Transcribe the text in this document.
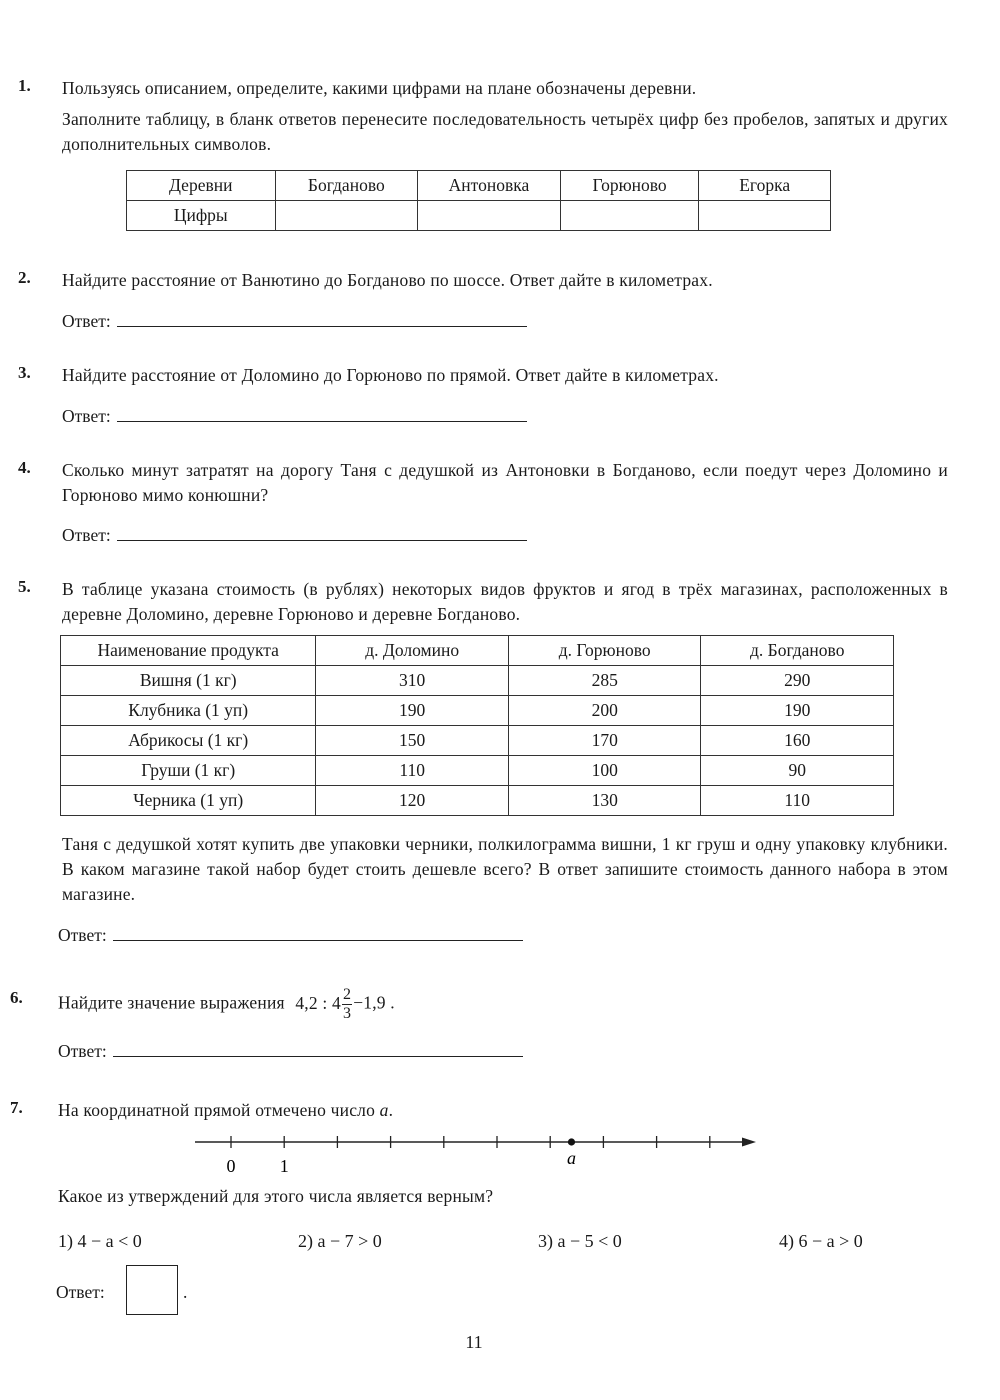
1.	Пользуясь описанием, определите, какими цифрами на плане обозначены деревни.

Заполните таблицу, в бланк ответов перенесите последовательность четырёх цифр без пробелов, запятых и других дополнительных символов.

Деревни	Богданово	Антоновка	Горюново	Егорка
Цифры				
2.	Найдите расстояние от Ванютино до Богданово по шоссе. Ответ дайте в километрах.
Ответ:
3.	Найдите расстояние от Доломино до Горюново по прямой. Ответ дайте в километрах.
Ответ:
4.	Сколько минут затратят на дорогу Таня с дедушкой из Антоновки в Богданово, если поедут через Доломино и Горюново мимо конюшни?
Ответ:
5.	В таблице указана стоимость (в рублях) некоторых видов фруктов и ягод в трёх магазинах, расположенных в деревне Доломино, деревне Горюново и деревне Богданово.
Наименование продукта	д. Доломино	д. Горюново	д. Богданово
Вишня (1 кг)	310	285	290
Клубника (1 уп)	190	200	190
Абрикосы (1 кг)	150	170	160
Груши (1 кг)	110	100	90
Черника (1 уп)	120	130	110
Таня с дедушкой хотят купить две упаковки черники, полкилограмма вишни, 1 кг груш и одну упаковку клубники. В каком магазине такой набор будет стоить дешевле всего? В ответ запишите стоимость данного набора в этом магазине.
Ответ:
6.	Найдите значение выражения 4,2 : $4 \frac{2}{3} -1,9$ .
Ответ:
7.	На координатной прямой отмечено число a.
0 1	a
Какое из утверждений для этого числа является верным?
1) 4 − a < 0	2) a − 7 > 0	3) a − 5 < 0	4) 6 − a > 0
Ответ:	.
11
